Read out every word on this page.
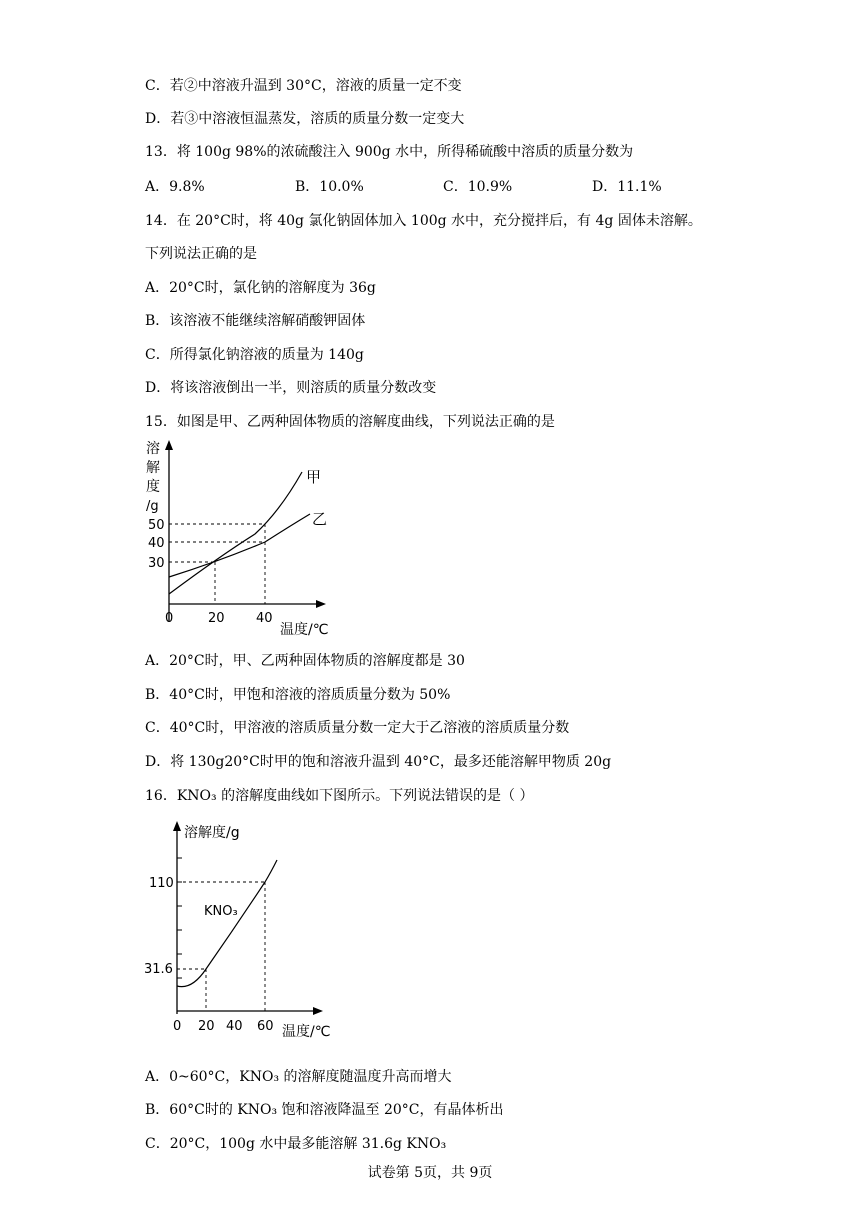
C．若②中溶液升温到 30°C，溶液的质量一定不变
D．若③中溶液恒温蒸发，溶质的质量分数一定变大
13．将 100g 98%的浓硫酸注入 900g 水中，所得稀硫酸中溶质的质量分数为
A．9.8%	B．10.0%	C．10.9%	D．11.1%
14．在 20°C时，将 40g 氯化钠固体加入 100g 水中，充分搅拌后，有 4g 固体未溶解。
下列说法正确的是
A．20°C时，氯化钠的溶解度为 36g
B．该溶液不能继续溶解硝酸钾固体
C．所得氯化钠溶液的质量为 140g
D．将该溶液倒出一半，则溶质的质量分数改变
15．如图是甲、乙两种固体物质的溶解度曲线，下列说法正确的是
溶
解
度
/g
50
40
30
0	20 40
温度/℃
甲
乙
A．20°C时，甲、乙两种固体物质的溶解度都是 30
B．40°C时，甲饱和溶液的溶质质量分数为 50%
C．40°C时，甲溶液的溶质质量分数一定大于乙溶液的溶质质量分数
D．将 130g20°C时甲的饱和溶液升温到 40°C，最多还能溶解甲物质 20g
16．KNO₃ 的溶解度曲线如下图所示。下列说法错误的是（ ）
溶解度/g
110
31.6
0 20 40 60 温度/℃
KNO₃
A．0~60°C，KNO₃ 的溶解度随温度升高而增大
B．60°C时的 KNO₃ 饱和溶液降温至 20°C，有晶体析出
C．20°C，100g 水中最多能溶解 31.6g KNO₃
试卷第 5页，共 9页
